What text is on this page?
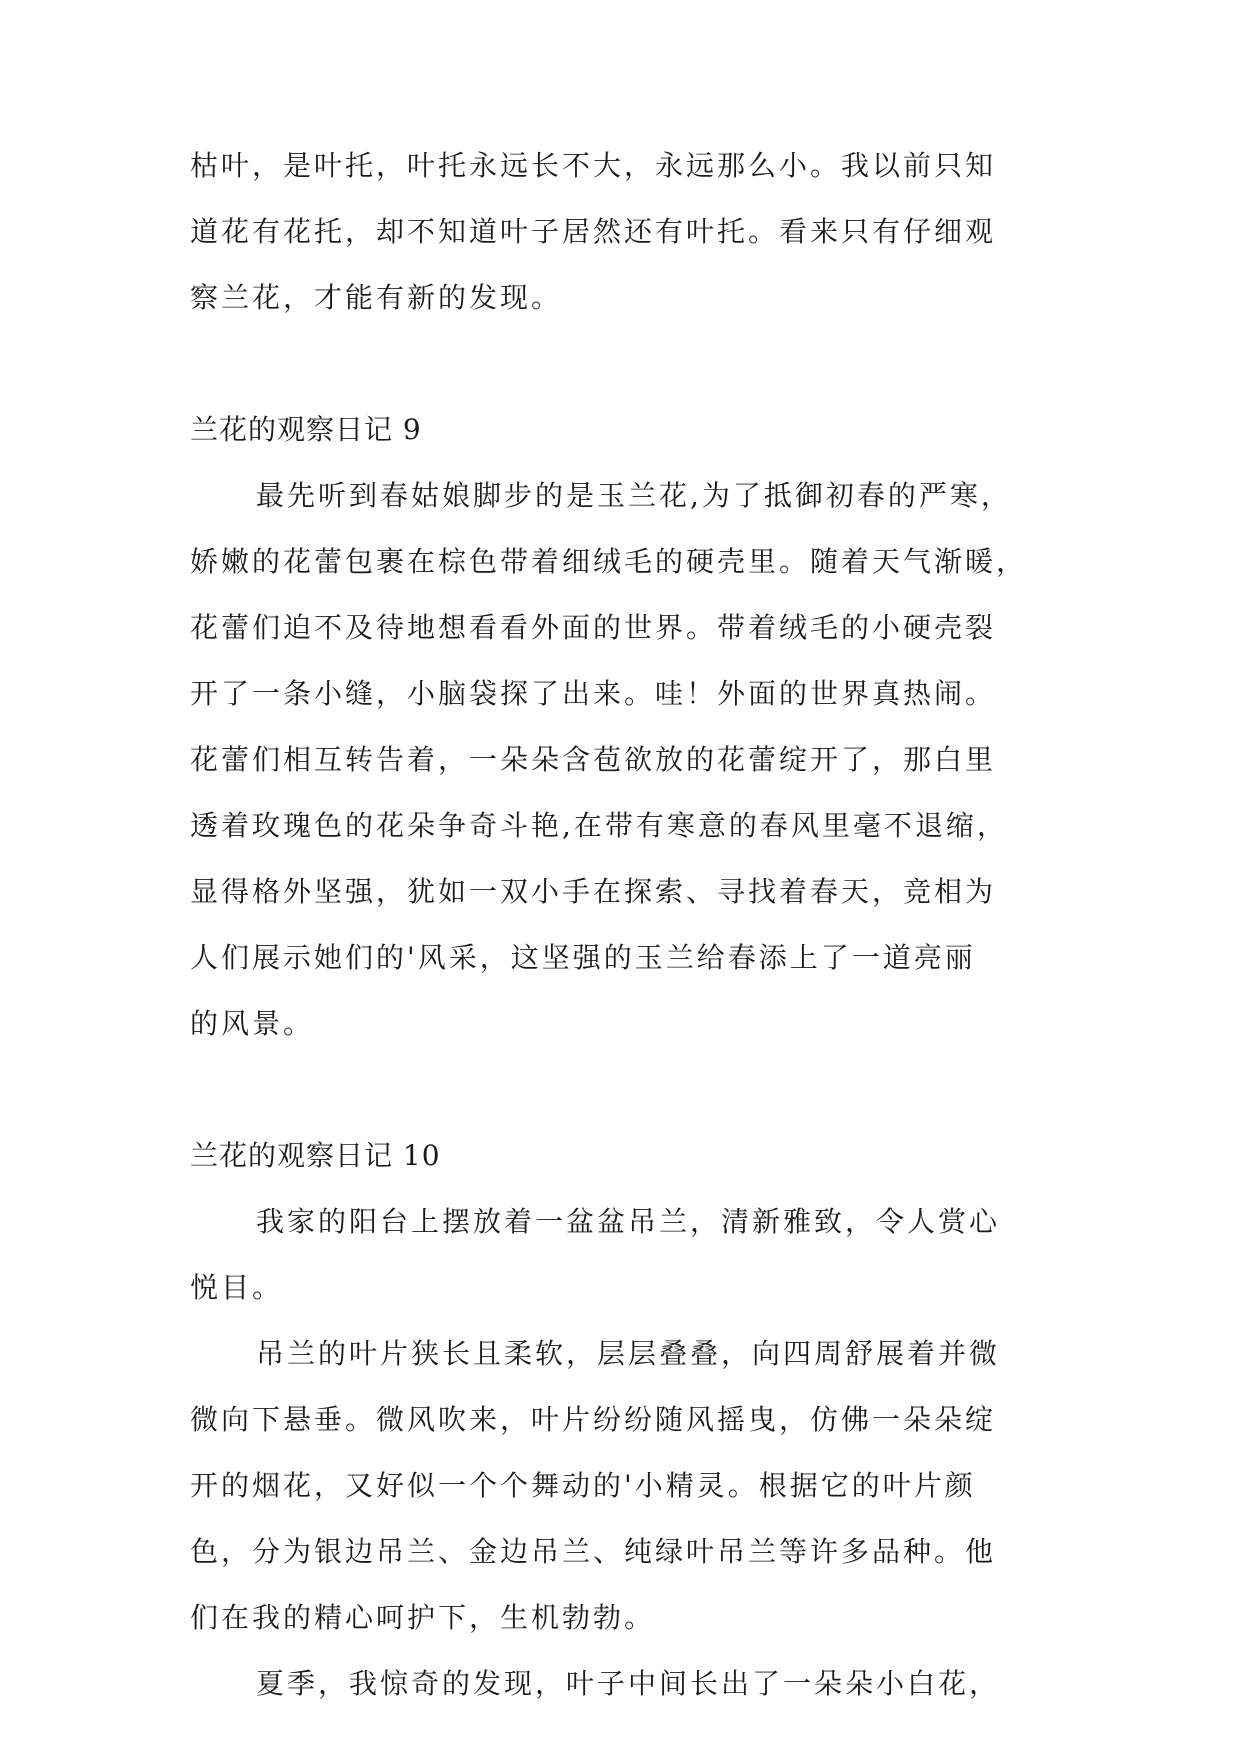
枯叶，是叶托，叶托永远长不大，永远那么小。我以前只知
道花有花托，却不知道叶子居然还有叶托。看来只有仔细观
察兰花，才能有新的发现。
兰花的观察日记 9
最先听到春姑娘脚步的是玉兰花,为了抵御初春的严寒，
娇嫩的花蕾包裹在棕色带着细绒毛的硬壳里。随着天气渐暖，
花蕾们迫不及待地想看看外面的世界。带着绒毛的小硬壳裂
开了一条小缝，小脑袋探了出来。哇！外面的世界真热闹。
花蕾们相互转告着，一朵朵含苞欲放的花蕾绽开了，那白里
透着玫瑰色的花朵争奇斗艳,在带有寒意的春风里毫不退缩，
显得格外坚强，犹如一双小手在探索、寻找着春天，竞相为
人们展示她们的'风采，这坚强的玉兰给春添上了一道亮丽
的风景。
兰花的观察日记 10
我家的阳台上摆放着一盆盆吊兰，清新雅致，令人赏心
悦目。
吊兰的叶片狭长且柔软，层层叠叠，向四周舒展着并微
微向下悬垂。微风吹来，叶片纷纷随风摇曳，仿佛一朵朵绽
开的烟花，又好似一个个舞动的'小精灵。根据它的叶片颜
色，分为银边吊兰、金边吊兰、纯绿叶吊兰等许多品种。他
们在我的精心呵护下，生机勃勃。
夏季，我惊奇的发现，叶子中间长出了一朵朵小白花，
